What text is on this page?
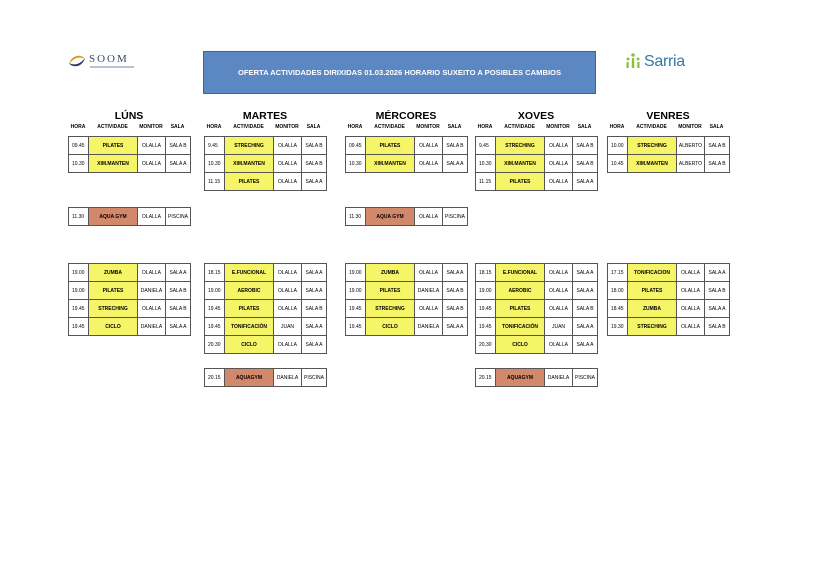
SOOM	Sarria
OFERTA ACTIVIDADES DIRIXIDAS 01.03.2026 HORARIO SUXEITO A POSIBLES CAMBIOS
LÚNS
HORA	ACTIVIDADE	MONITOR	SALA
09.45	PILATES	OLALLA	SALA B
10.30	XIM.MANTEN	OLALLA	SALA A
11.30	AQUA GYM	OLALLA	PISCINA
19.00	ZUMBA	OLALLA	SALA A
19.00	PILATES	DANIELA	SALA B
19.45	STRECHING	OLALLA	SALA B
19.45	CICLO	DANIELA	SALA A
MARTES
HORA	ACTIVIDADE	MONITOR	SALA
9.45	STRECHING	OLALLA	SALA B
10.30	XIM.MANTEN	OLALLA	SALA B
11.15	PILATES	OLALLA	SALA A
18.15	E.FUNCIONAL	OLALLA	SALA A
19.00	AEROBIC	OLALLA	SALA A
19.45	PILATES	OLALLA	SALA B
19.45	TONIFICACIÓN	JUAN	SALA A
20.30	CICLO	OLALLA	SALA A
20.15	AQUAGYM	DANIELA	PISCINA
MÉRCORES
HORA	ACTIVIDADE	MONITOR	SALA
09.45	PILATES	OLALLA	SALA B
10.30	XIM.MANTEN	OLALLA	SALA A
11.30	AQUA GYM	OLALLA	PISCINA
19.00	ZUMBA	OLALLA	SALA A
19.00	PILATES	DANIELA	SALA B
19.45	STRECHING	OLALLA	SALA B
19.45	CICLO	DANIELA	SALA A
XOVES
HORA	ACTIVIDADE	MONITOR	SALA
9.45	STRECHING	OLALLA	SALA B
10.30	XIM.MANTEN	OLALLA	SALA B
11.15	PILATES	OLALLA	SALA A
18.15	E.FUNCIONAL	OLALLA	SALA A
19.00	AEROBIC	OLALLA	SALA A
19.45	PILATES	OLALLA	SALA B
19.45	TONIFICACIÓN	JUAN	SALA A
20.30	CICLO	OLALLA	SALA A
20.15	AQUAGYM	DANIELA	PISCINA
VENRES
HORA	ACTIVIDADE	MONITOR	SALA
10.00	STRECHING	ALBERTO	SALA B
10.45	XIM.MANTEN	ALBERTO	SALA B
17.15	TONIFICACION	OLALLA	SALA A
18.00	PILATES	OLALLA	SALA B
18.45	ZUMBA	OLALLA	SALA A
19.30	STRECHING	OLALLA	SALA B
